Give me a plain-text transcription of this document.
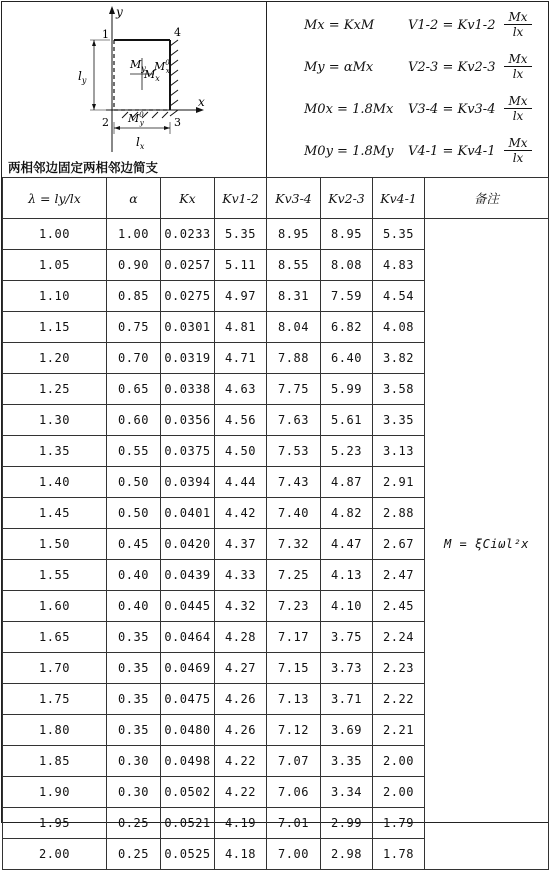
y
x
1
2	3
4
$l_y$
$l_x$
$M_x$
$M_y$ $M^0$ x
$M^0$ y
两相邻边固定两相邻边简支
Mx = KxM	$V1-2 = Kv1-2 \frac{Mx}{lx}$
My = αMx	$V2-3 = Kv2-3 \frac{Mx}{lx}$
M0x = 1.8Mx $V3-4 = Kv3-4 \frac{Mx}{lx}$
M0y = 1.8My $V4-1 = Kv4-1 \frac{Mx}{lx}$
λ = ly/lx	α	Kx	Kv1-2	Kv3-4	Kv2-3	Kv4-1	备注
1.00	1.00	0.0233	5.35	8.95	8.95	5.35	M = ξCiωl²x
1.05	0.90	0.0257	5.11	8.55	8.08	4.83	
1.10	0.85	0.0275	4.97	8.31	7.59	4.54	
1.15	0.75	0.0301	4.81	8.04	6.82	4.08	
1.20	0.70	0.0319	4.71	7.88	6.40	3.82	
1.25	0.65	0.0338	4.63	7.75	5.99	3.58	
1.30	0.60	0.0356	4.56	7.63	5.61	3.35	
1.35	0.55	0.0375	4.50	7.53	5.23	3.13	
1.40	0.50	0.0394	4.44	7.43	4.87	2.91	
1.45	0.50	0.0401	4.42	7.40	4.82	2.88	
1.50	0.45	0.0420	4.37	7.32	4.47	2.67	
1.55	0.40	0.0439	4.33	7.25	4.13	2.47	
1.60	0.40	0.0445	4.32	7.23	4.10	2.45	
1.65	0.35	0.0464	4.28	7.17	3.75	2.24	
1.70	0.35	0.0469	4.27	7.15	3.73	2.23	
1.75	0.35	0.0475	4.26	7.13	3.71	2.22	
1.80	0.35	0.0480	4.26	7.12	3.69	2.21	
1.85	0.30	0.0498	4.22	7.07	3.35	2.00	
1.90	0.30	0.0502	4.22	7.06	3.34	2.00	
1.95	0.25	0.0521	4.19	7.01	2.99	1.79	
2.00	0.25	0.0525	4.18	7.00	2.98	1.78	
